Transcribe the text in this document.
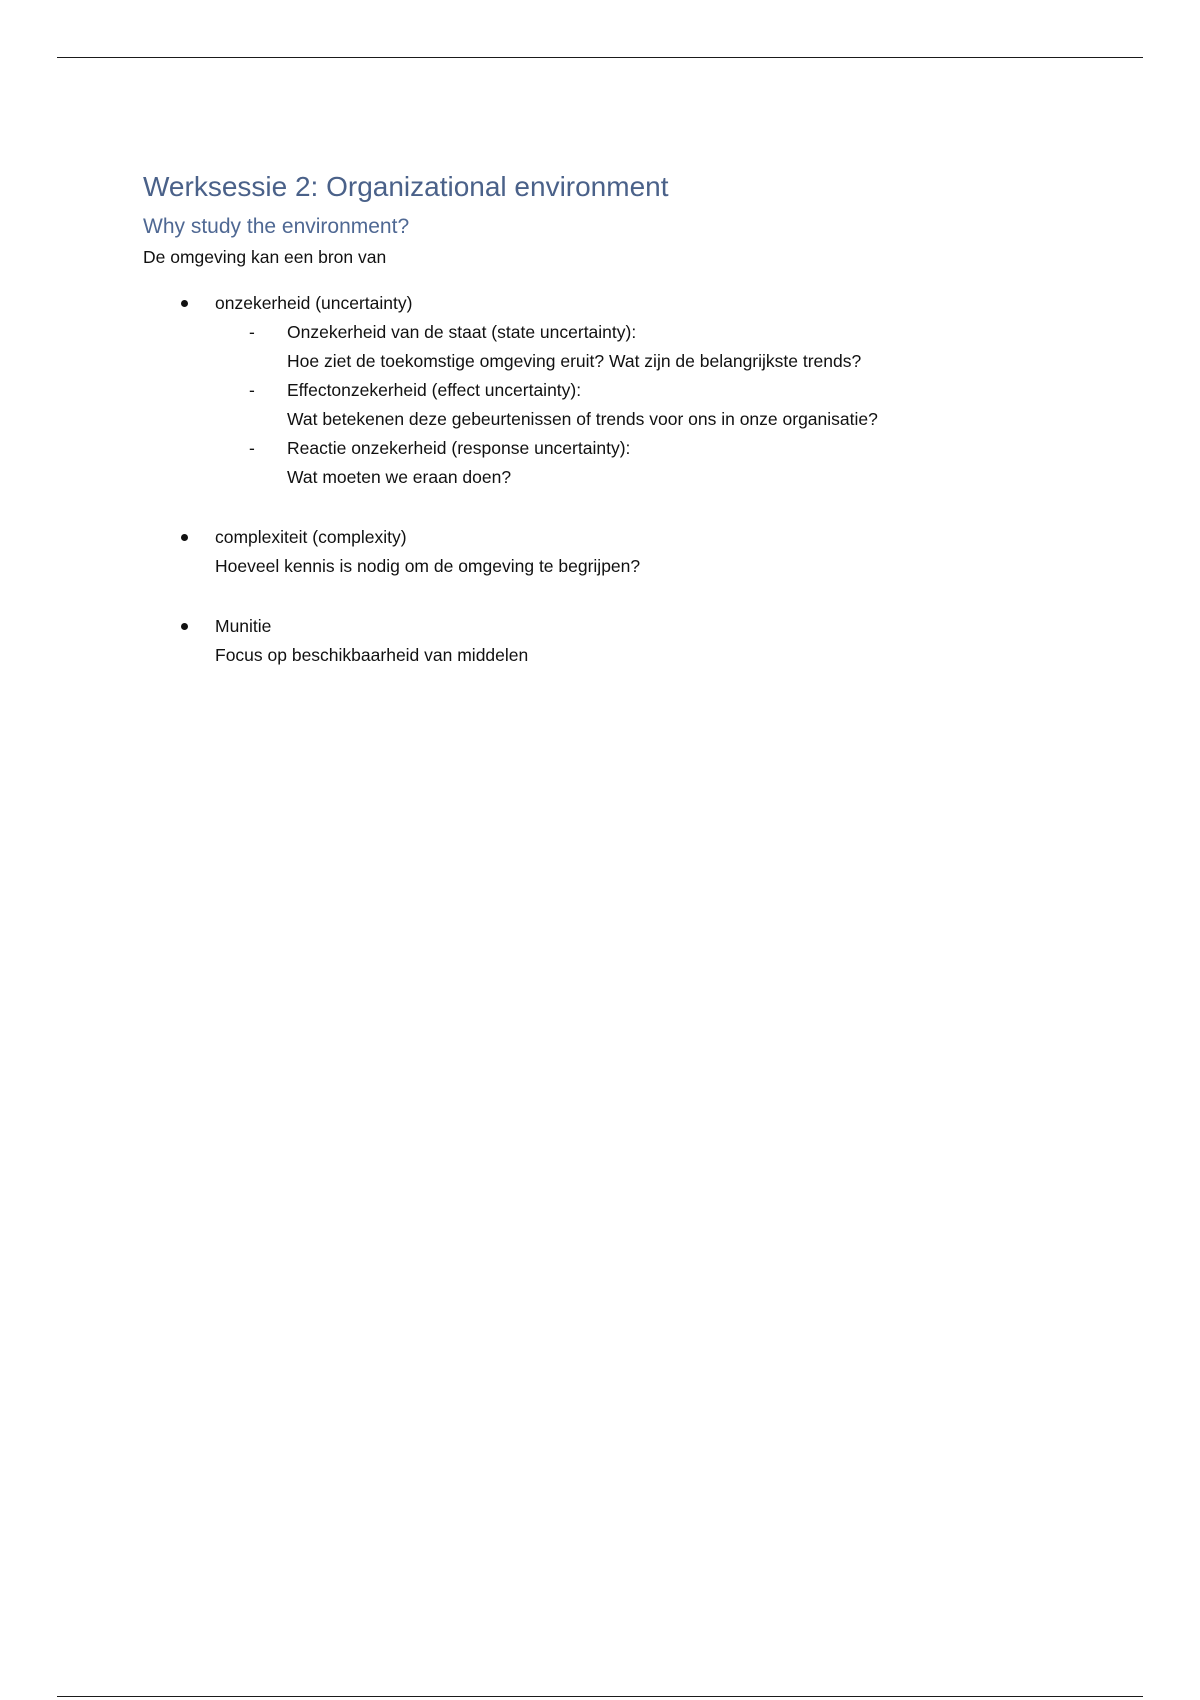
Werksessie 2: Organizational environment
Why study the environment?

De omgeving kan een bron van

onzekerheid (uncertainty)
- Onzekerheid van de staat (state uncertainty):
Hoe ziet de toekomstige omgeving eruit? Wat zijn de belangrijkste trends?
- Effectonzekerheid (effect uncertainty):
Wat betekenen deze gebeurtenissen of trends voor ons in onze organisatie?
- Reactie onzekerheid (response uncertainty):
Wat moeten we eraan doen?
complexiteit (complexity)
Hoeveel kennis is nodig om de omgeving te begrijpen?
Munitie
Focus op beschikbaarheid van middelen
